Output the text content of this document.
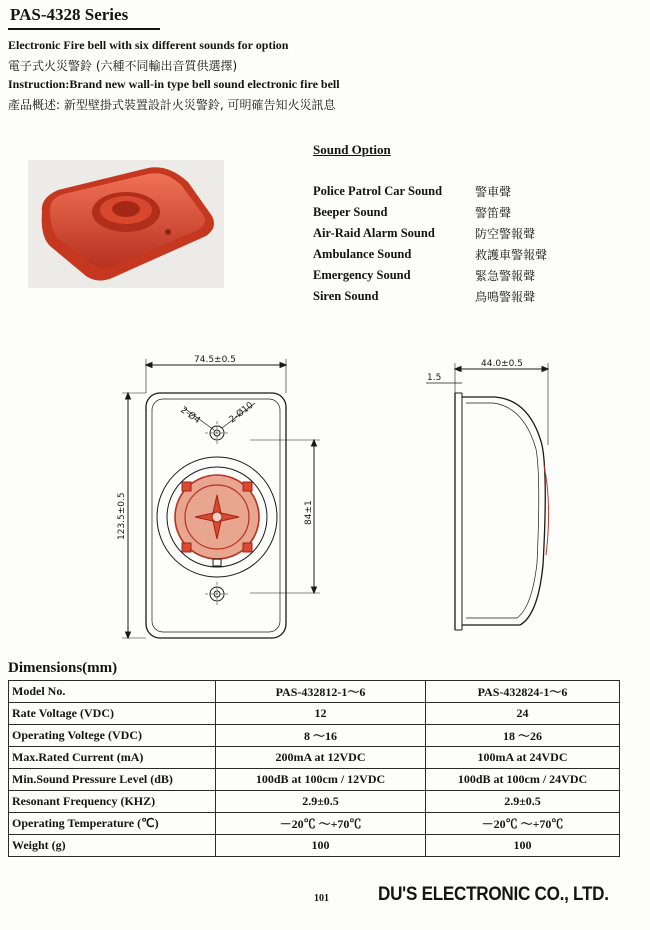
PAS-4328 Series
Electronic Fire bell with six different sounds for option
電子式火災警鈴 (六種不同輸出音質供選擇)
Instruction:Brand new wall-in type bell sound electronic fire bell
產品概述: 新型壁掛式裝置設計火災警鈴, 可明確告知火災訊息
Sound Option
Police Patrol Car Sound	警車聲
Beeper Sound	警笛聲
Air-Raid Alarm Sound	防空警報聲
Ambulance Sound	救護車警報聲
Emergency Sound	緊急警報聲
Siren Sound	鳥鳴警報聲
74.5±0.5
123.5±0.5	84±1
2-Ø4	2-Ø10
44.0±0.5
1.5
Dimensions(mm)
Model No.	PAS-432812-1～6	PAS-432824-1～6
Rate Voltage (VDC)	12	24
Operating Voltege (VDC)	8 ～16	18 ～26
Max.Rated Current (mA)	200mA at 12VDC	100mA at 24VDC
Min.Sound Pressure Level (dB)	100dB at 100cm / 12VDC	100dB at 100cm / 24VDC
Resonant Frequency (KHZ)	2.9±0.5	2.9±0.5
Operating Temperature (℃)	－20℃ ～+70℃	－20℃ ～+70℃
Weight (g)	100	100
101	DU'S ELECTRONIC CO., LTD.
